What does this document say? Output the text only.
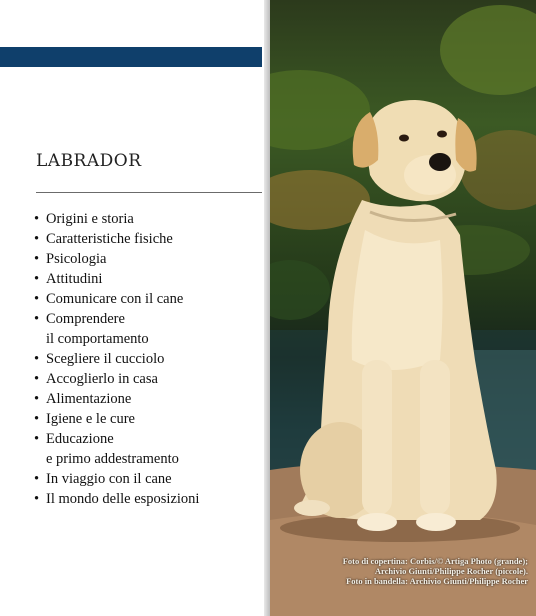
LABRADOR
• Origini e storia
• Caratteristiche fisiche
• Psicologia
• Attitudini
• Comunicare con il cane
• Comprendere
il comportamento
• Scegliere il cucciolo
• Accoglierlo in casa
• Alimentazione
• Igiene e le cure
• Educazione
e primo addestramento
• In viaggio con il cane
• Il mondo delle esposizioni
Foto di copertina: Corbis/© Artiga Photo (grande);
Archivio Giunti/Philippe Rocher (piccole).
Foto in bandella: Archivio Giunti/Philippe Rocher
